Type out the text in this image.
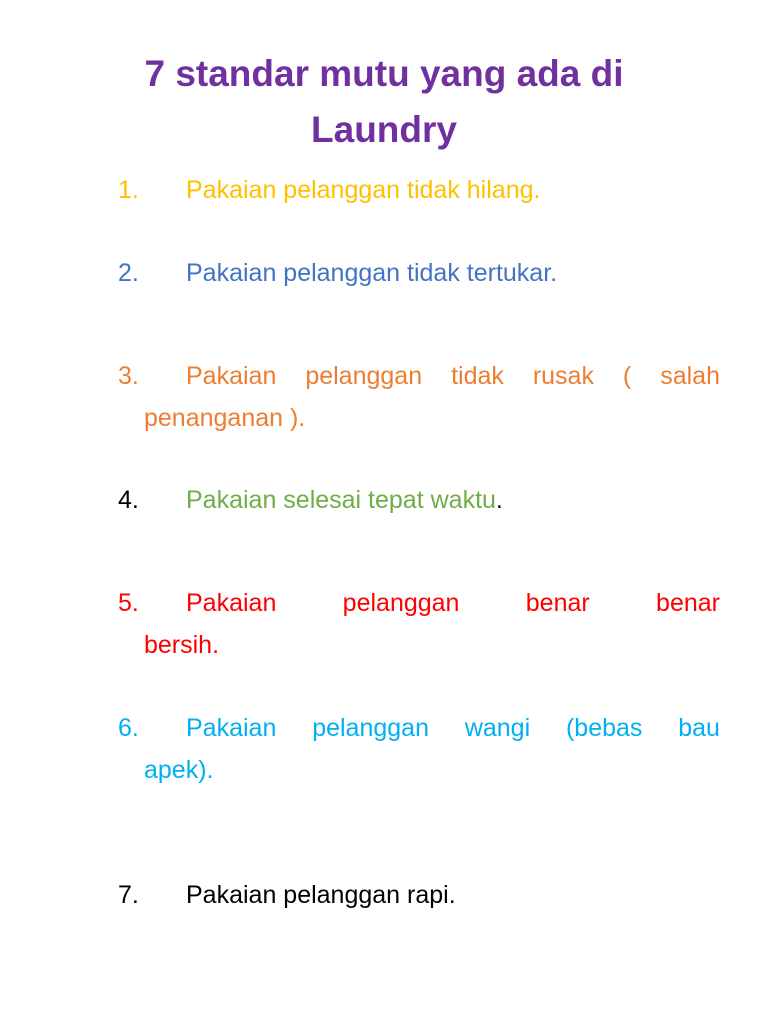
7 standar mutu yang ada di
Laundry
1.	Pakaian pelanggan tidak hilang.
2.	Pakaian pelanggan tidak tertukar.
3.	Pakaian pelanggan tidak rusak ( salah
penanganan ).
4.	Pakaian selesai tepat waktu.
5.	Pakaian	pelanggan	benar	benar
bersih.
6.	Pakaian pelanggan wangi (bebas bau
apek).
7.	Pakaian pelanggan rapi.
